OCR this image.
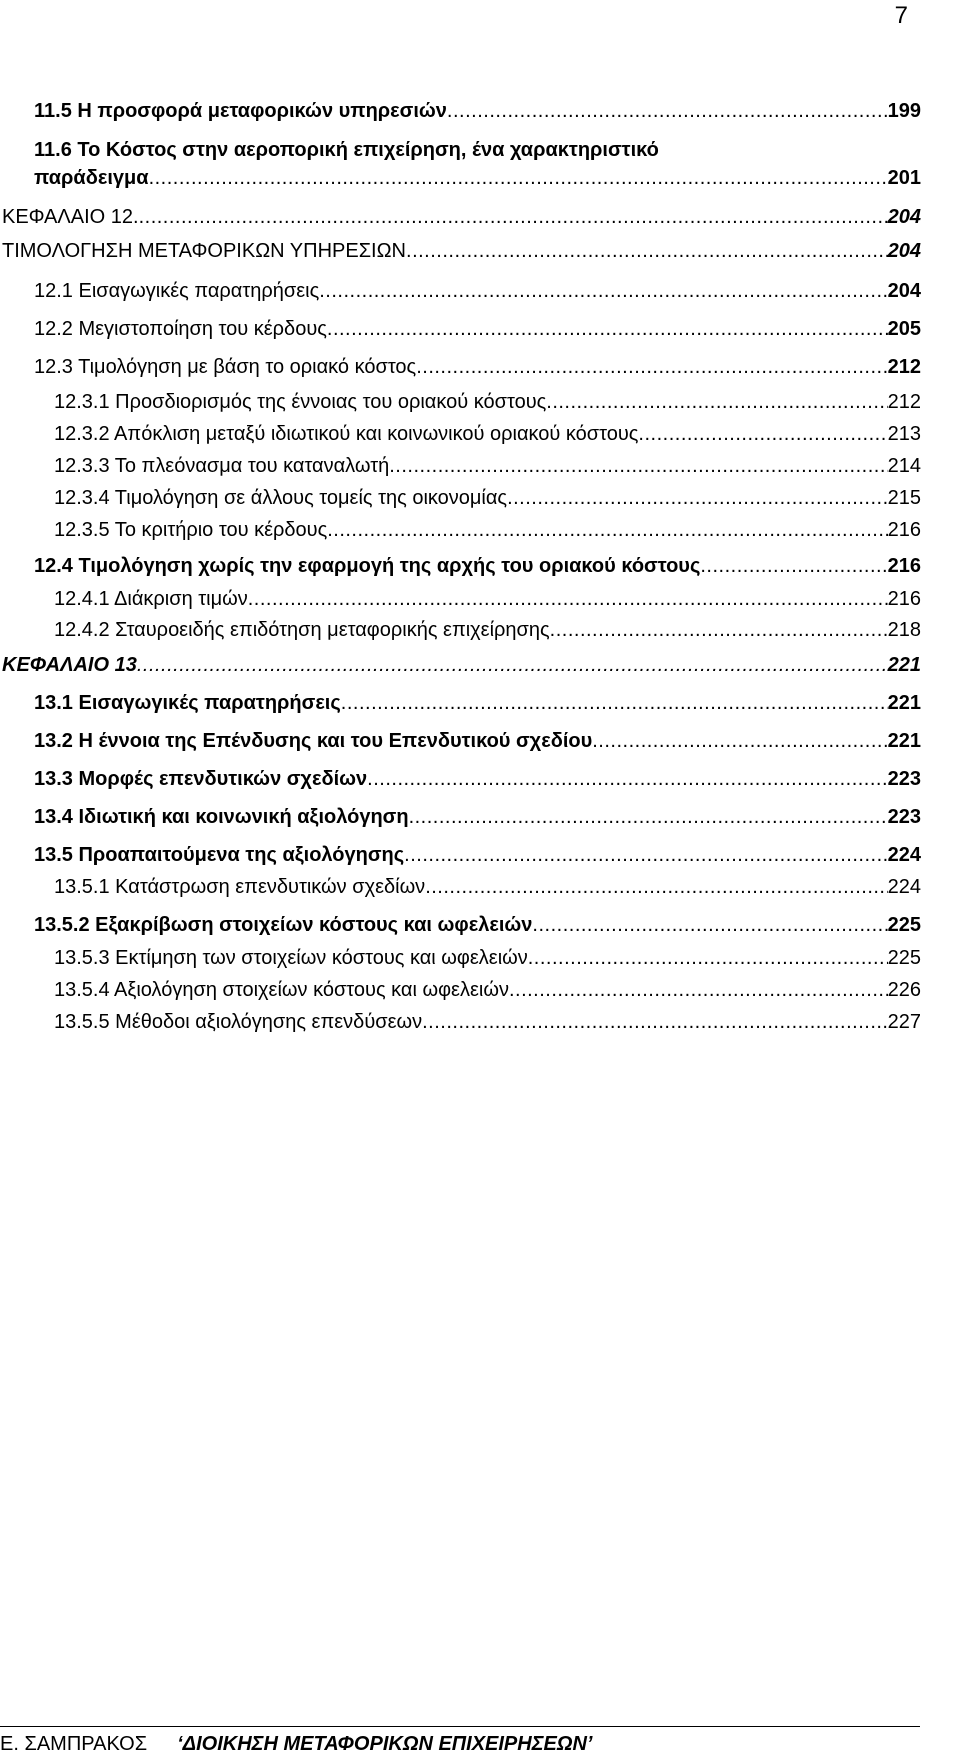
7
11.5 Η προσφορά μεταφορικών υπηρεσιών .....	199
11.6 Το Κόστος στην αεροπορική επιχείρηση, ένα χαρακτηριστικό
παράδειγμα .....	201
ΚΕΦΑΛΑΙΟ 12. .....	204
ΤΙΜΟΛΟΓΗΣΗ ΜΕΤΑΦΟΡΙΚΩΝ ΥΠΗΡΕΣΙΩΝ .....	204
12.1 Εισαγωγικές παρατηρήσεις .....	204
12.2 Μεγιστοποίηση του κέρδους .....	205
12.3 Τιμολόγηση με βάση το οριακό κόστος .....	212
12.3.1 Προσδιορισμός της έννοιας του οριακού κόστους .....	212
12.3.2 Απόκλιση μεταξύ ιδιωτικού και κοινωνικού οριακού κόστους .....	213
12.3.3 Το πλεόνασμα του καταναλωτή .....	214
12.3.4 Τιμολόγηση σε άλλους τομείς της οικονομίας .....	215
12.3.5 Το κριτήριο του κέρδους .....	216
12.4 Τιμολόγηση χωρίς την εφαρμογή της αρχής του οριακού κόστους .....	216
12.4.1 Διάκριση τιμών .....	216
12.4.2 Σταυροειδής επιδότηση μεταφορικής επιχείρησης .....	218
ΚΕΦΑΛΑΙΟ 13 .....	221
13.1 Εισαγωγικές παρατηρήσεις .....	221
13.2 Η έννοια της Επένδυσης και του Επενδυτικού σχεδίου .....	221
13.3 Μορφές επενδυτικών σχεδίων .....	223
13.4 Ιδιωτική και κοινωνική αξιολόγηση .....	223
13.5 Προαπαιτούμενα της αξιολόγησης .....	224
13.5.1 Κατάστρωση επενδυτικών σχεδίων .....	224
13.5.2 Εξακρίβωση στοιχείων κόστους και ωφελειών .....	225
13.5.3 Εκτίμηση των στοιχείων κόστους και ωφελειών .....	225
13.5.4 Αξιολόγηση στοιχείων κόστους και ωφελειών .....	226
13.5.5 Μέθοδοι αξιολόγησης επενδύσεων .....	227
Ε. ΣΑΜΠΡΑΚΟΣ ‘ΔΙΟΙΚΗΣΗ ΜΕΤΑΦΟΡΙΚΩΝ ΕΠΙΧΕΙΡΗΣΕΩΝ’
